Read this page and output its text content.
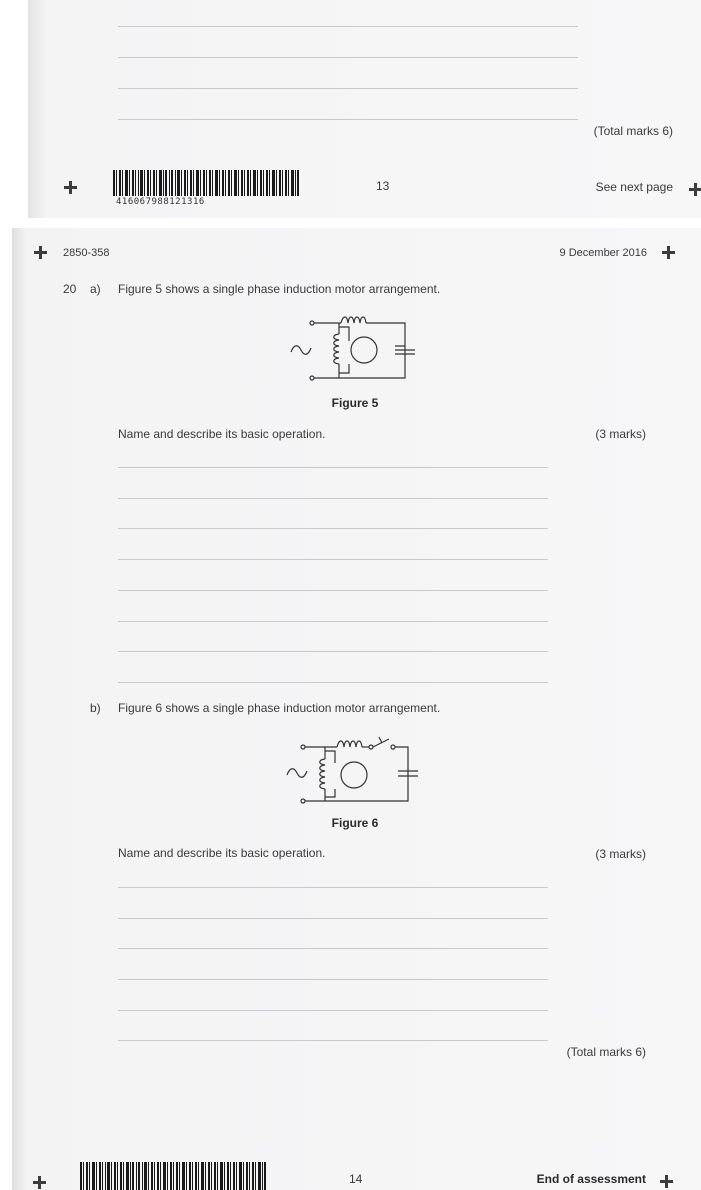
(Total marks 6)
416067988121316
13	See next page
2850-358	9 December 2016
20 a) Figure 5 shows a single phase induction motor arrangement.
Figure 5
Name and describe its basic operation.	(3 marks)
b) Figure 6 shows a single phase induction motor arrangement.
Figure 6
Name and describe its basic operation.	(3 marks)
(Total marks 6)
14	End of assessment
